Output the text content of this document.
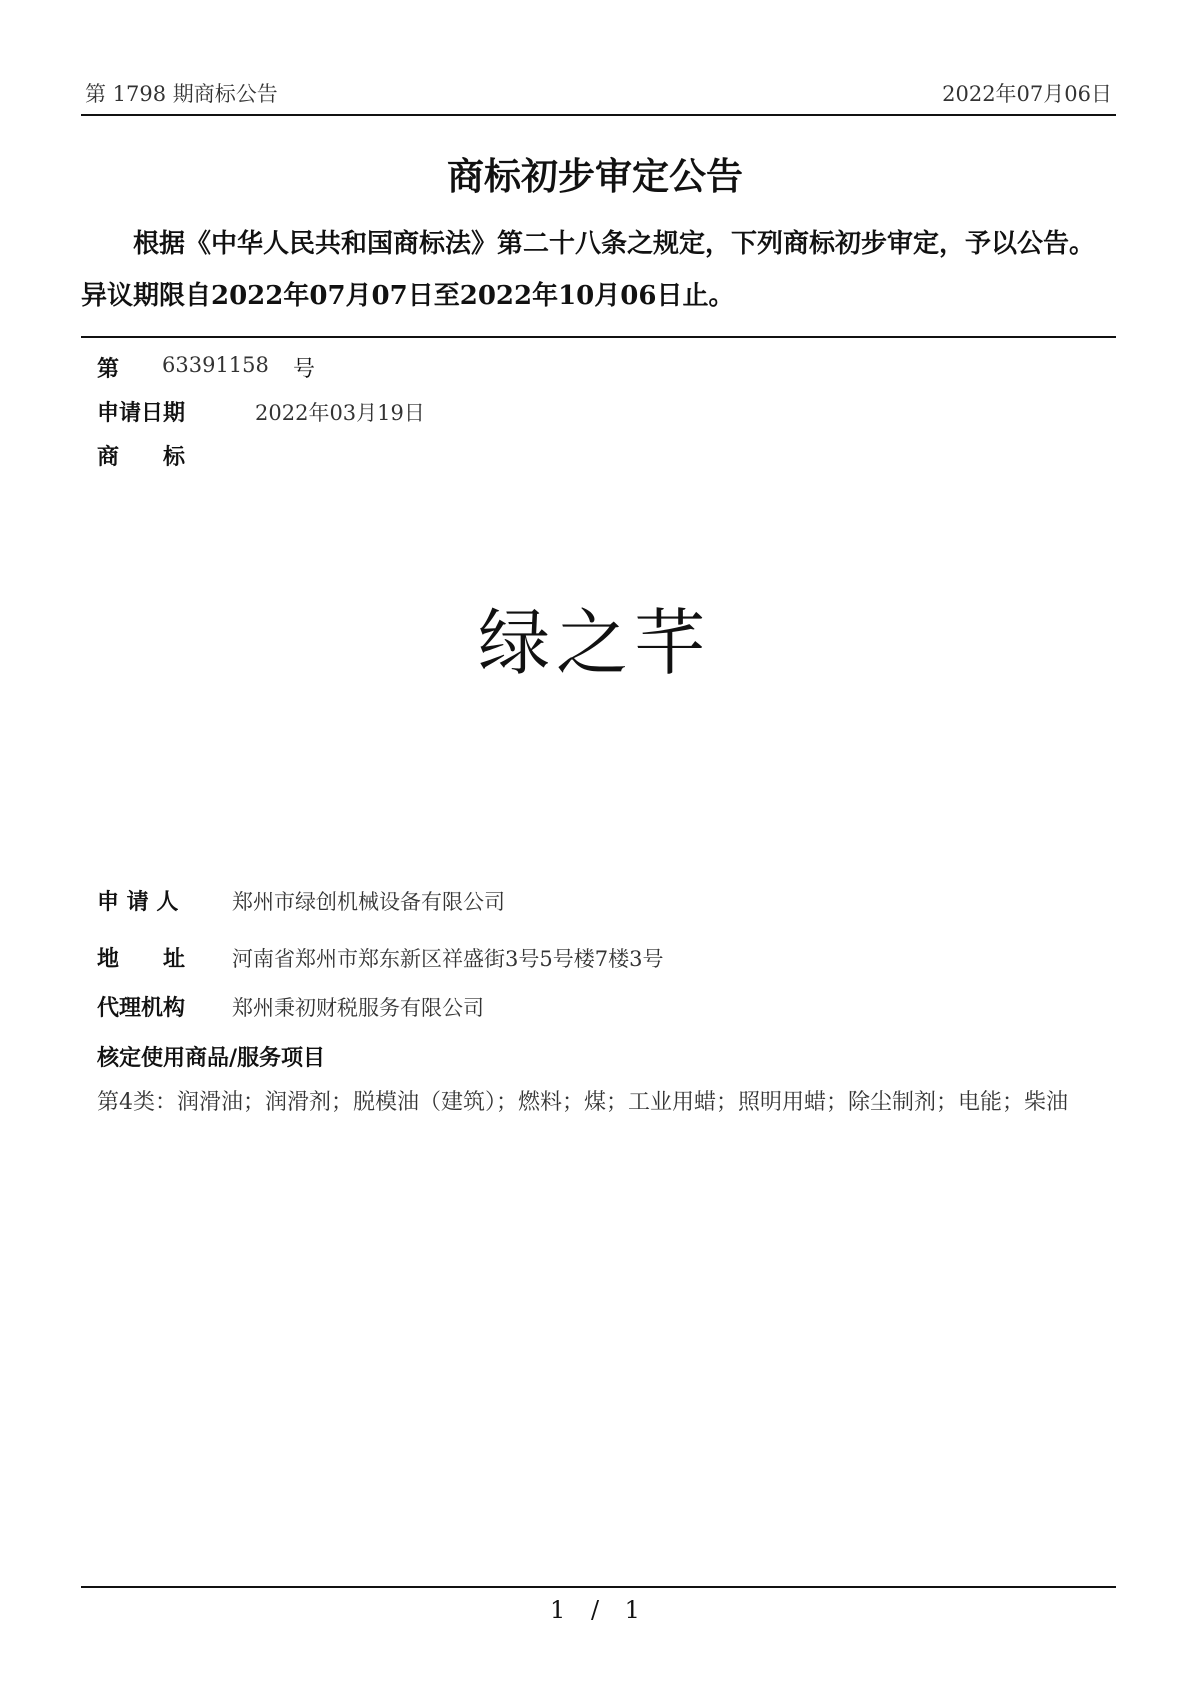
第 1798 期商标公告	2022年07月06日
商标初步审定公告

根据《中华人民共和国商标法》第二十八条之规定，下列商标初步审定，予以公告。异议期限自2022年07月07日至2022年10月06日止。

第 63391158 号
申请日期	2022年03月19日
商　　标
绿之芊
申 请 人	郑州市绿创机械设备有限公司
地　　址 河南省郑州市郑东新区祥盛街3号5号楼7楼3号
代理机构 郑州秉初财税服务有限公司
核定使用商品/服务项目

第4类：润滑油；润滑剂；脱模油（建筑）；燃料；煤；工业用蜡；照明用蜡；除尘制剂；电能；柴油

1 / 1
